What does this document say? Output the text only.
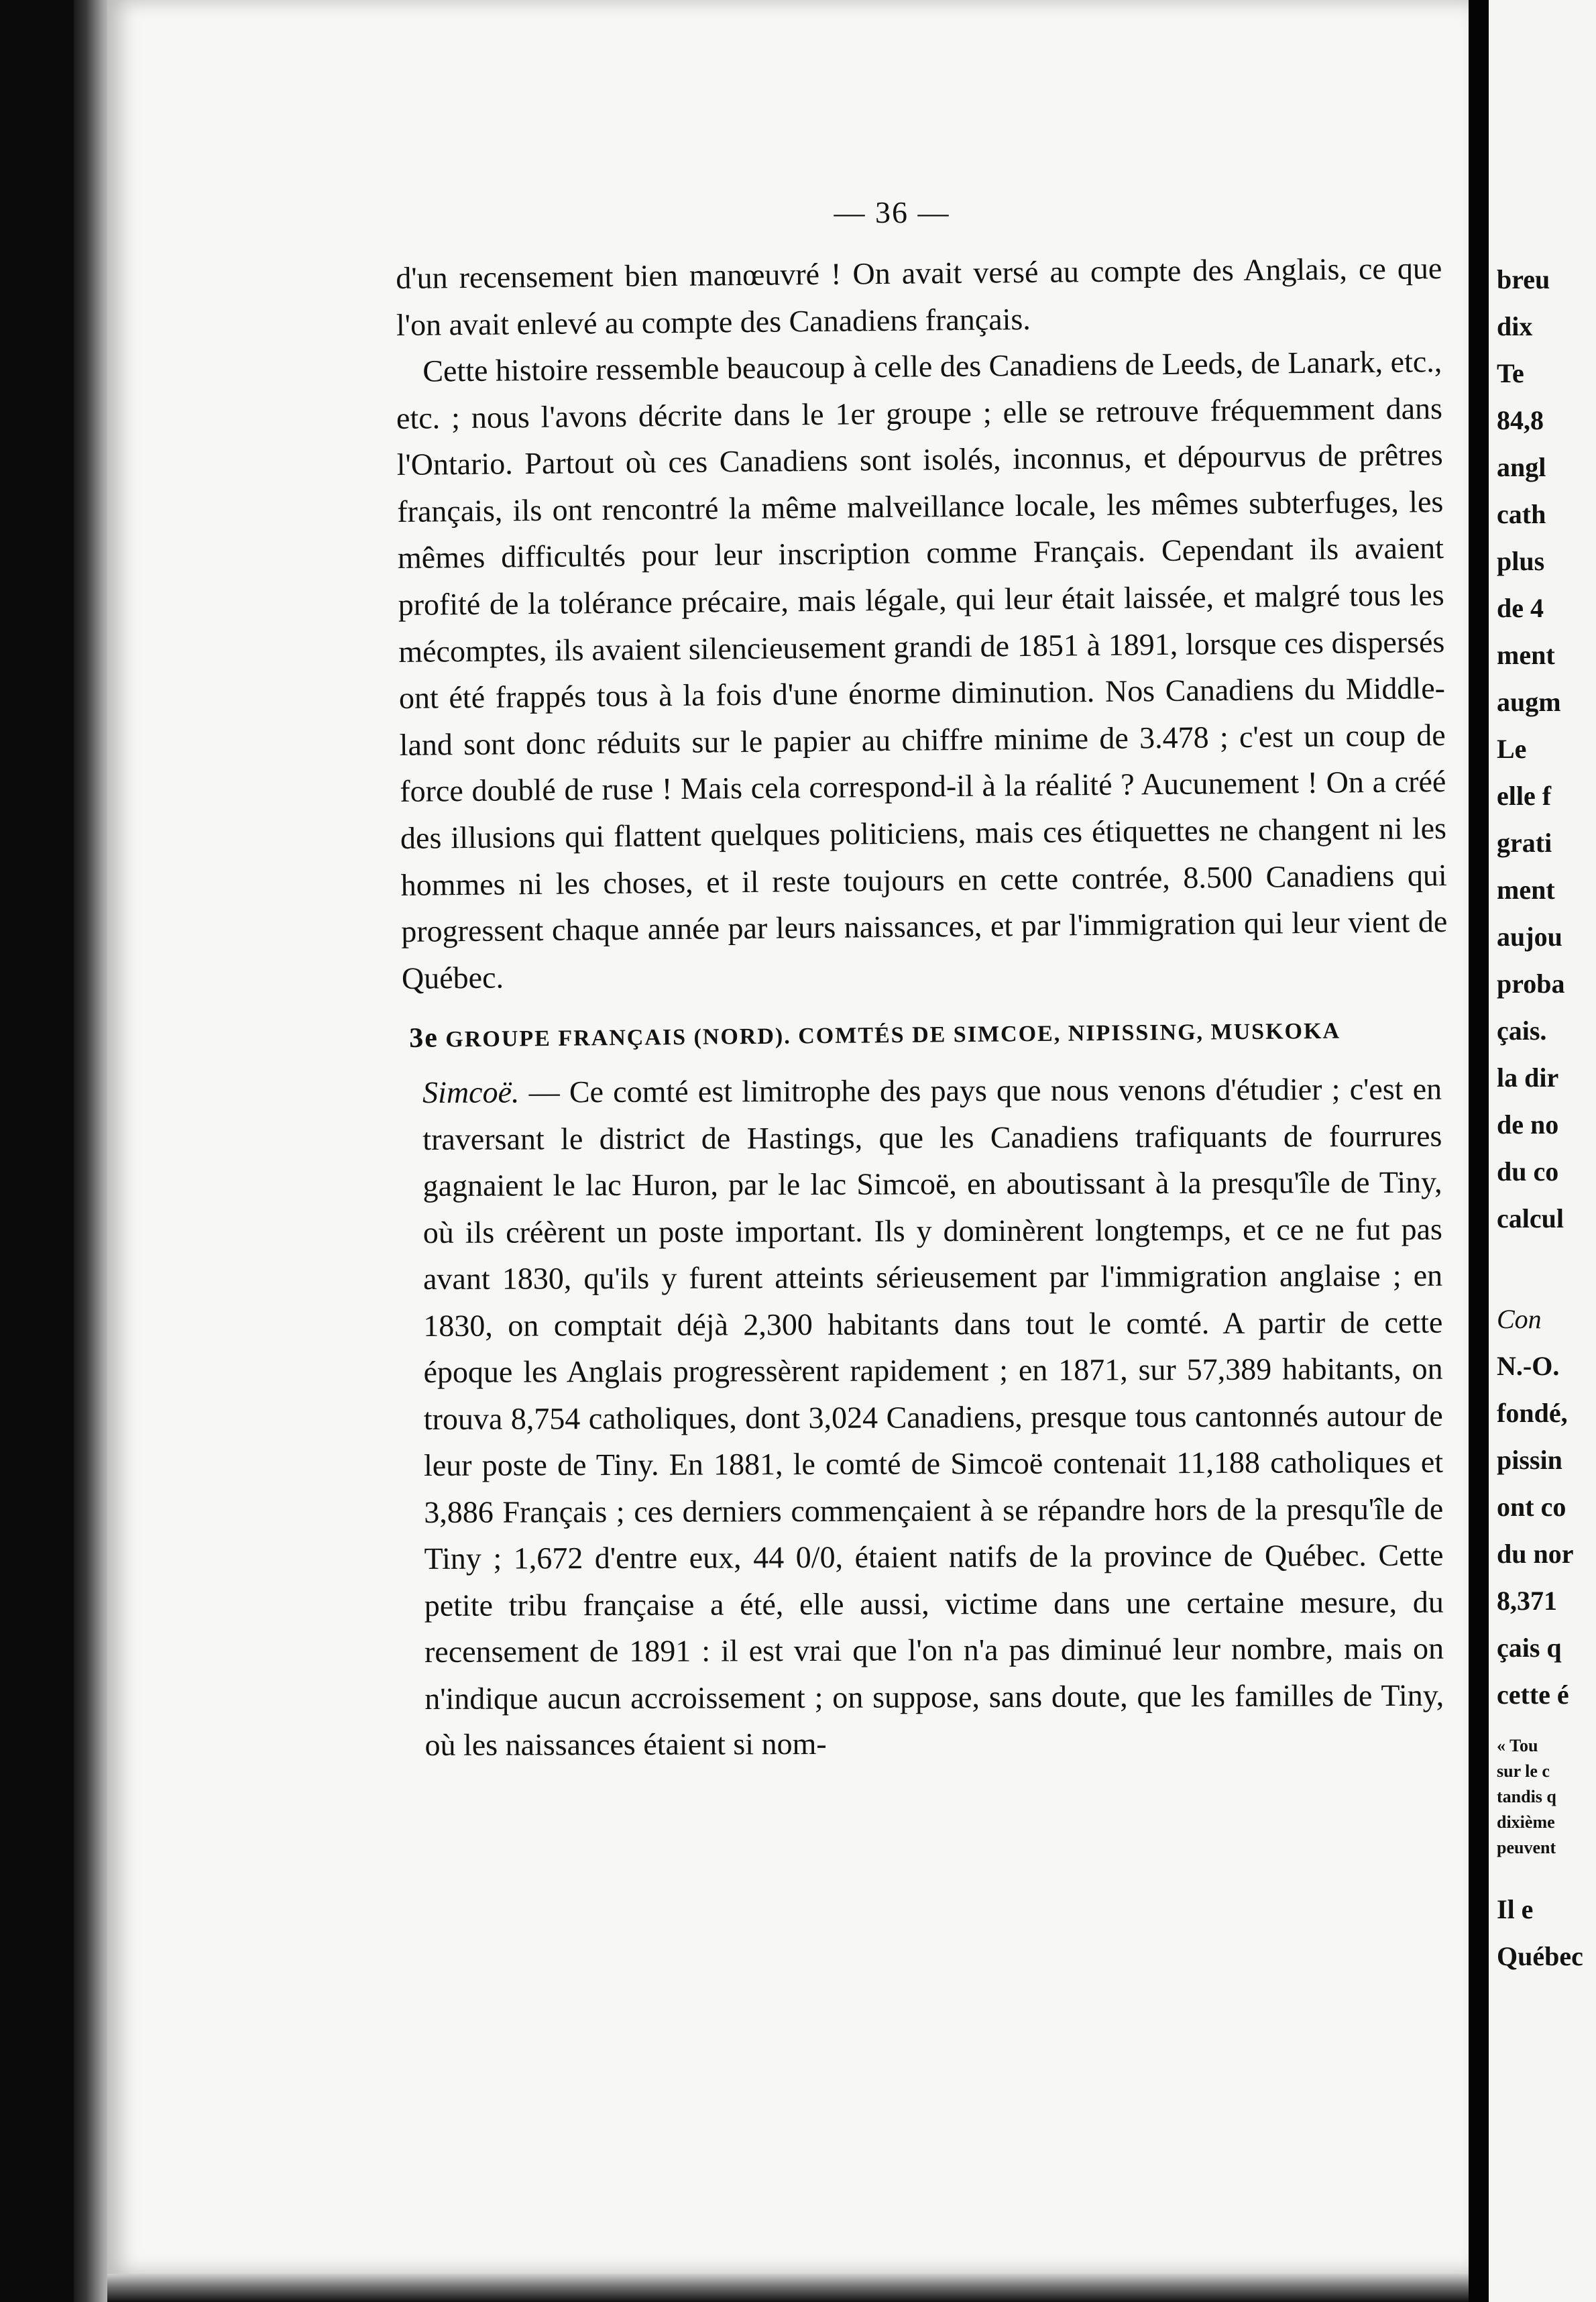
— 36 —

d'un recensement bien manœuvré ! On avait versé au compte des Anglais, ce que l'on avait enlevé au compte des Canadiens français.

Cette histoire ressemble beaucoup à celle des Canadiens de Leeds, de Lanark, etc., etc. ; nous l'avons décrite dans le 1er groupe ; elle se retrouve fréquemment dans l'Ontario. Partout où ces Canadiens sont isolés, inconnus, et dépourvus de prêtres français, ils ont rencontré la même malveillance locale, les mêmes subterfuges, les mêmes difficultés pour leur inscription comme Français. Cependant ils avaient profité de la tolérance précaire, mais légale, qui leur était laissée, et malgré tous les mécomptes, ils avaient silencieusement grandi de 1851 à 1891, lorsque ces dispersés ont été frappés tous à la fois d'une énorme diminution. Nos Canadiens du Middle-land sont donc réduits sur le papier au chiffre minime de 3.478 ; c'est un coup de force doublé de ruse ! Mais cela correspond-il à la réalité ? Aucunement ! On a créé des illusions qui flattent quelques politiciens, mais ces étiquettes ne changent ni les hommes ni les choses, et il reste toujours en cette contrée, 8.500 Canadiens qui progressent chaque année par leurs naissances, et par l'immigration qui leur vient de Québec.

3e GROUPE FRANÇAIS (NORD). COMTÉS DE SIMCOE, NIPISSING, MUSKOKA

Simcoë. — Ce comté est limitrophe des pays que nous venons d'étudier ; c'est en traversant le district de Hastings, que les Canadiens trafiquants de fourrures gagnaient le lac Huron, par le lac Simcoë, en aboutissant à la presqu'île de Tiny, où ils créèrent un poste important. Ils y dominèrent longtemps, et ce ne fut pas avant 1830, qu'ils y furent atteints sérieusement par l'immigration anglaise ; en 1830, on comptait déjà 2,300 habitants dans tout le comté. A partir de cette époque les Anglais progressèrent rapidement ; en 1871, sur 57,389 habitants, on trouva 8,754 catholiques, dont 3,024 Canadiens, presque tous cantonnés autour de leur poste de Tiny. En 1881, le comté de Simcoë contenait 11,188 catholiques et 3,886 Français ; ces derniers commençaient à se répandre hors de la presqu'île de Tiny ; 1,672 d'entre eux, 44 0/0, étaient natifs de la province de Québec. Cette petite tribu française a été, elle aussi, victime dans une certaine mesure, du recensement de 1891 : il est vrai que l'on n'a pas diminué leur nombre, mais on n'indique aucun accroissement ; on suppose, sans doute, que les familles de Tiny, où les naissances étaient si nom-

breu
dix
Te
84,8
angl
cath
plus
de 4
ment
augm
Le
elle f
grati
ment
aujou
proba
çais.
la dir
de no
du co
calcul
Con
N.-O.
fondé,
pissin
ont co
du nor
8,371
çais q
cette é
« Tou
sur le c
tandis q
dixième
peuvent
Il e
Québec
